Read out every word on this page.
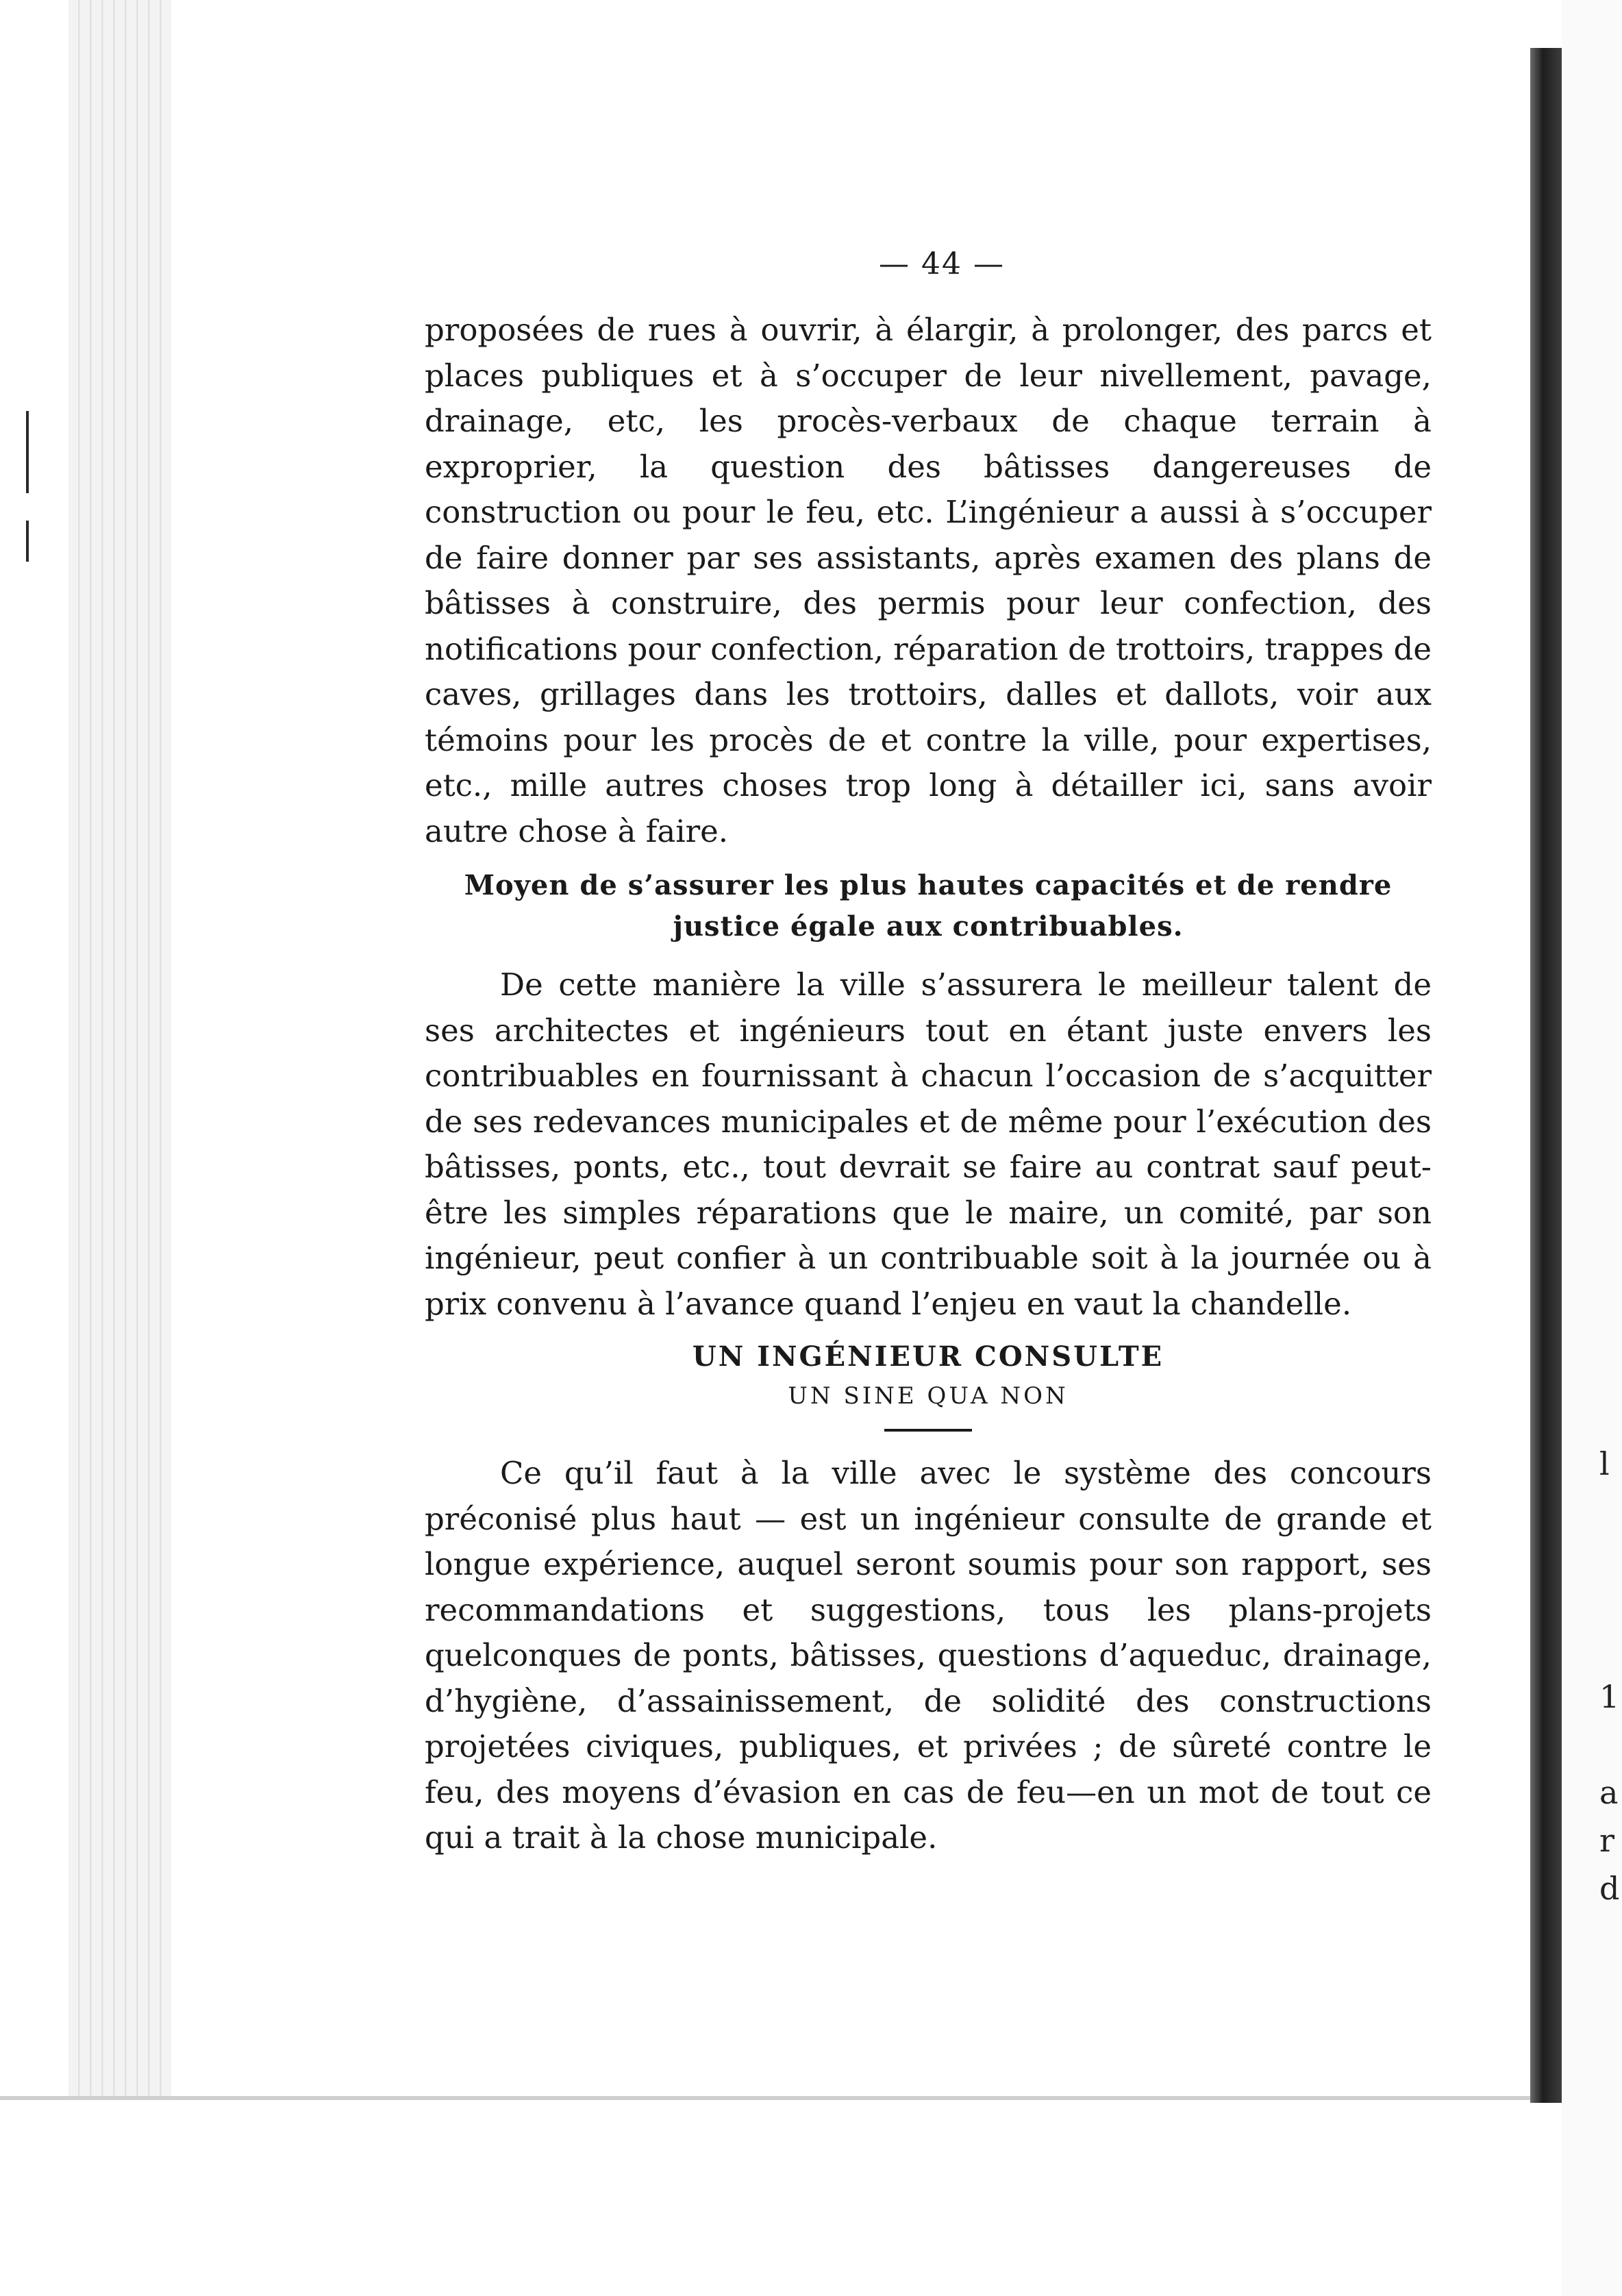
l
1
a
r
d
— 44 —

proposées de rues à ouvrir, à élargir, à prolonger, des parcs et places publiques et à s’occuper de leur nivellement, pavage, drainage, etc, les procès-verbaux de chaque terrain à exproprier, la question des bâtisses dangereuses de construction ou pour le feu, etc. L’ingénieur a aussi à s’occuper de faire donner par ses assistants, après examen des plans de bâtisses à construire, des permis pour leur confection, des notifications pour confection, réparation de trottoirs, trappes de caves, grillages dans les trottoirs, dalles et dallots, voir aux témoins pour les procès de et contre la ville, pour expertises, etc., mille autres choses trop long à détailler ici, sans avoir autre chose à faire.

Moyen de s’assurer les plus hautes capacités et de rendre justice égale aux contribuables.

De cette manière la ville s’assurera le meilleur talent de ses architectes et ingénieurs tout en étant juste envers les contribuables en fournissant à chacun l’occasion de s’acquitter de ses redevances municipales et de même pour l’exécution des bâtisses, ponts, etc., tout devrait se faire au contrat sauf peut-être les simples réparations que le maire, un comité, par son ingénieur, peut confier à un contribuable soit à la journée ou à prix convenu à l’avance quand l’enjeu en vaut la chandelle.

UN INGÉNIEUR CONSULTE
UN SINE QUA NON

Ce qu’il faut à la ville avec le système des concours préconisé plus haut — est un ingénieur consulte de grande et longue expérience, auquel seront soumis pour son rapport, ses recommandations et suggestions, tous les plans-projets quelconques de ponts, bâtisses, questions d’aqueduc, drainage, d’hygiène, d’assainissement, de solidité des constructions projetées civiques, publiques, et privées ; de sûreté contre le feu, des moyens d’évasion en cas de feu—en un mot de tout ce qui a trait à la chose municipale.
